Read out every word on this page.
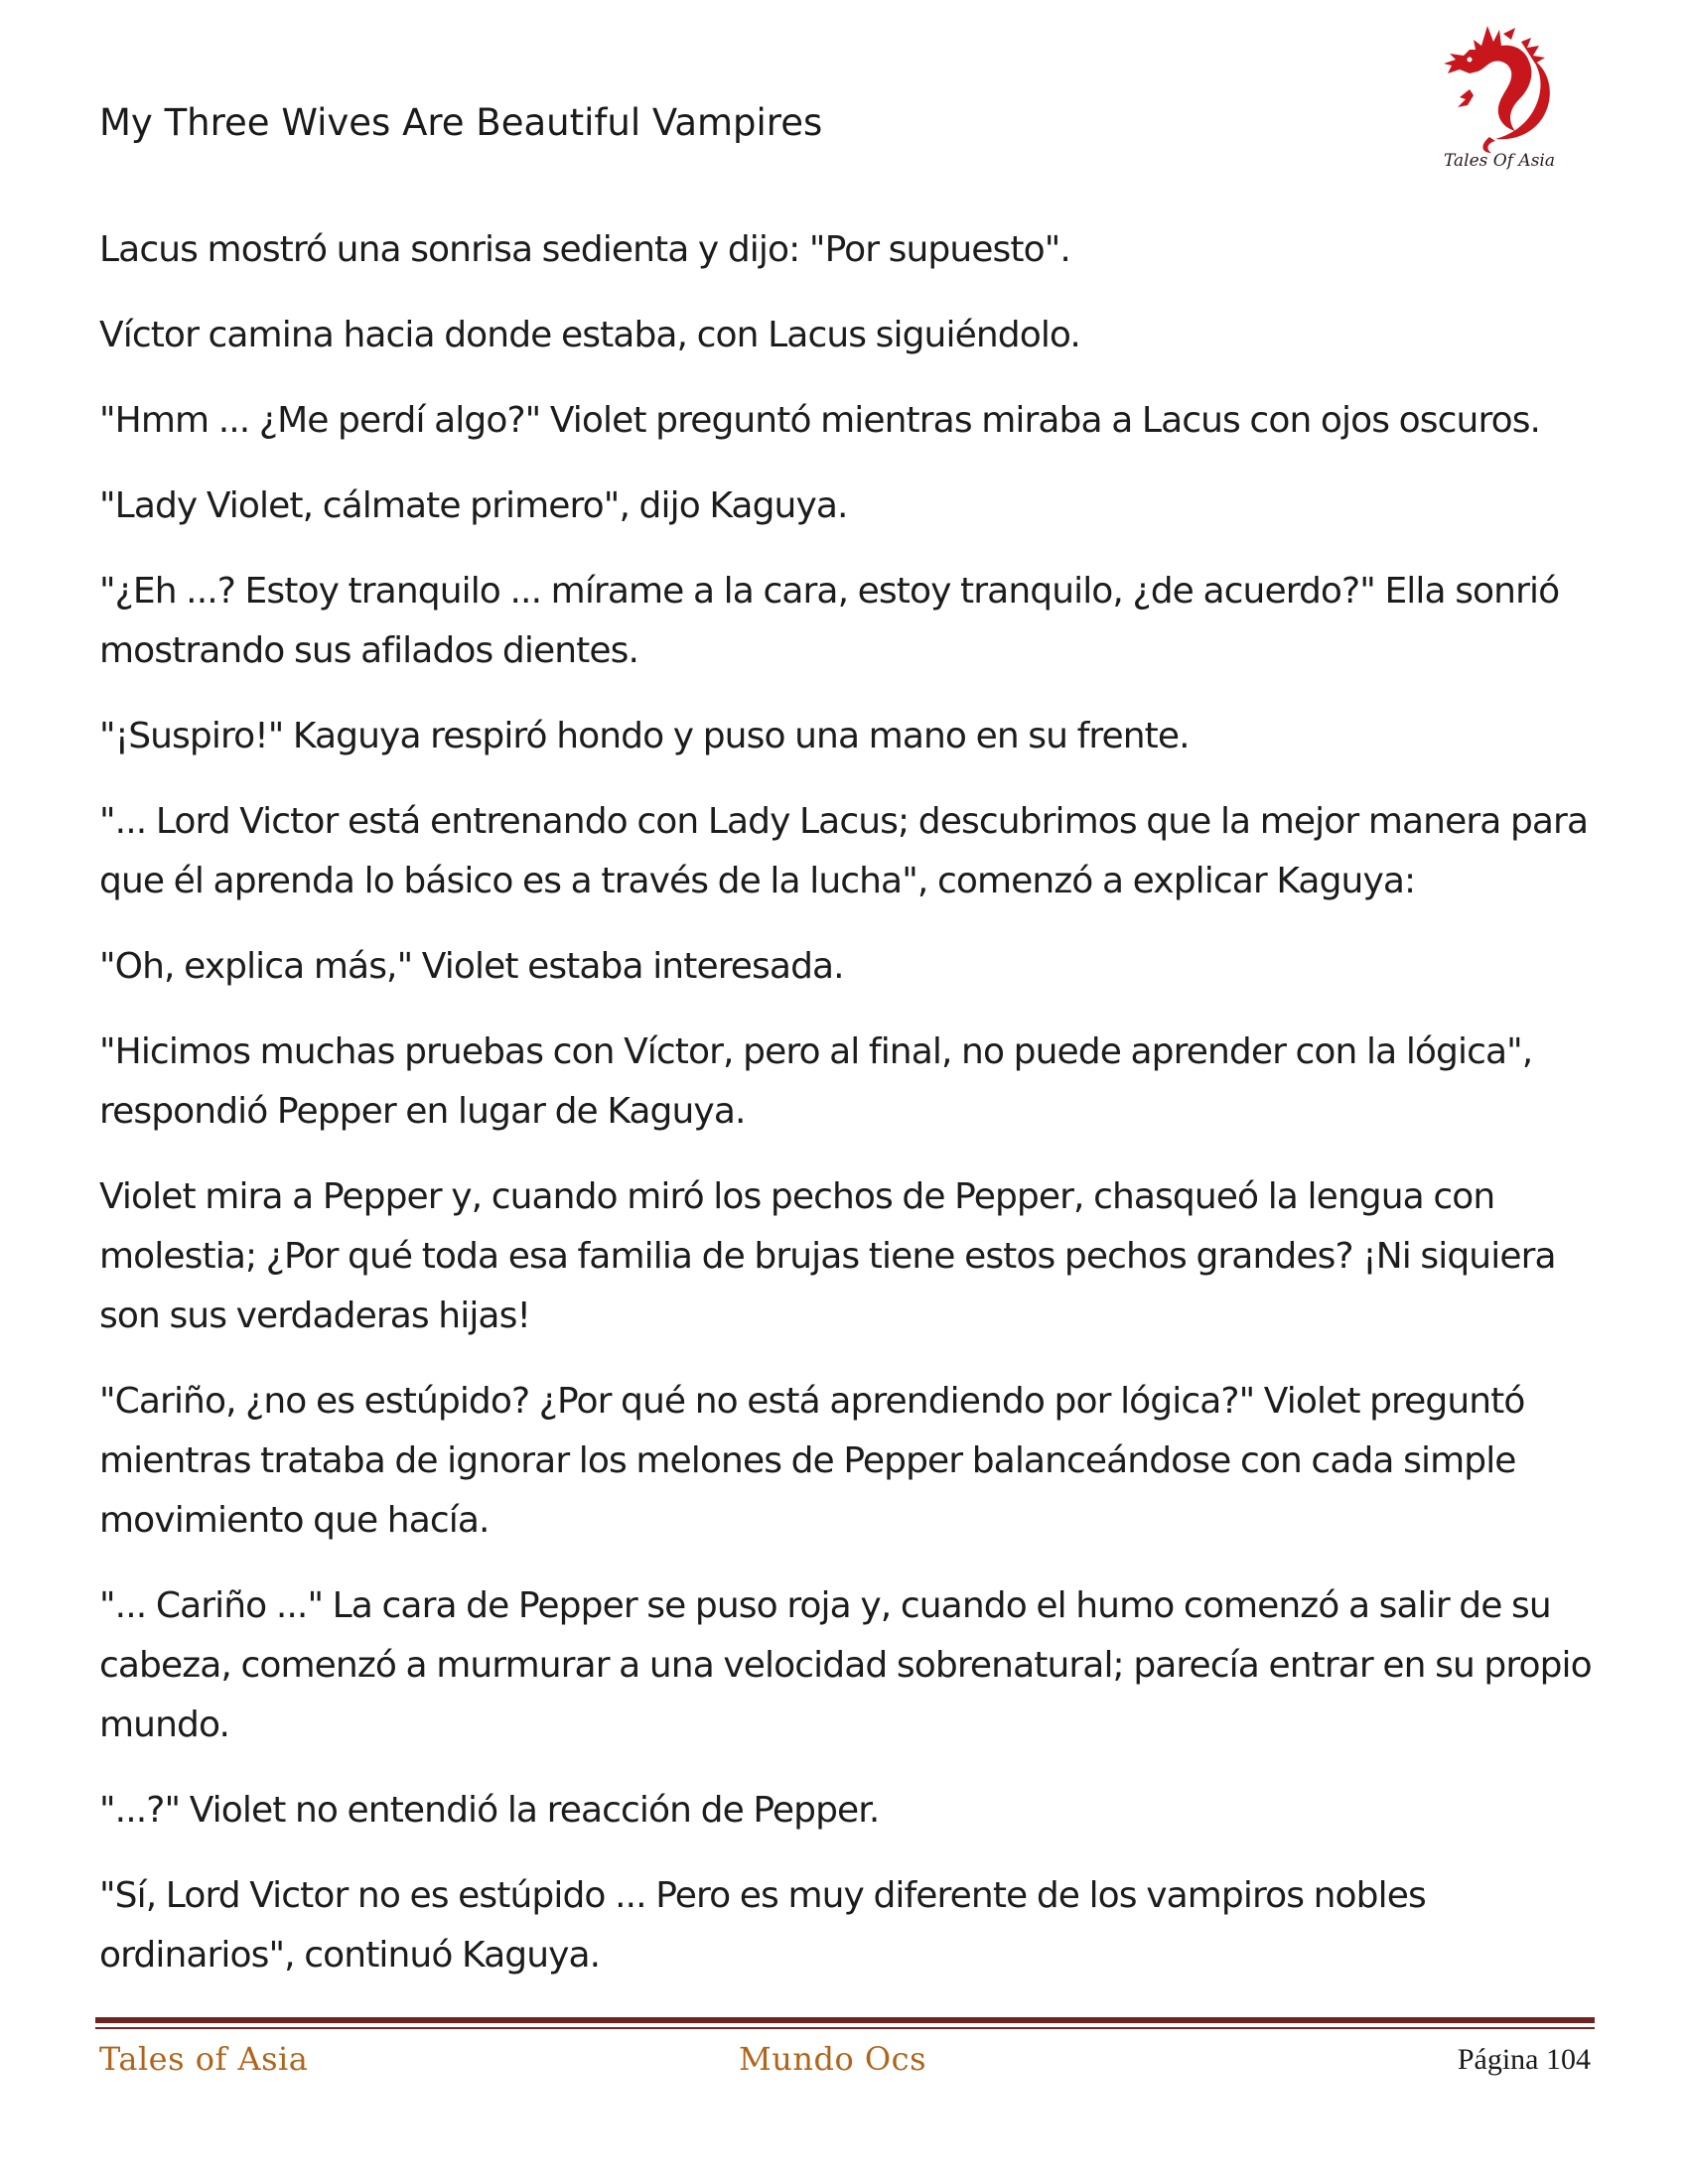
My Three Wives Are Beautiful Vampires
Tales Of Asia

Lacus mostró una sonrisa sedienta y dijo: "Por supuesto".

Víctor camina hacia donde estaba, con Lacus siguiéndolo.

"Hmm ... ¿Me perdí algo?" Violet preguntó mientras miraba a Lacus con ojos oscuros.

"Lady Violet, cálmate primero", dijo Kaguya.

"¿Eh ...? Estoy tranquilo ... mírame a la cara, estoy tranquilo, ¿de acuerdo?" Ella sonrió mostrando sus afilados dientes.

"¡Suspiro!" Kaguya respiró hondo y puso una mano en su frente.

"... Lord Victor está entrenando con Lady Lacus; descubrimos que la mejor manera para que él aprenda lo básico es a través de la lucha", comenzó a explicar Kaguya:

"Oh, explica más," Violet estaba interesada.

"Hicimos muchas pruebas con Víctor, pero al final, no puede aprender con la lógica", respondió Pepper en lugar de Kaguya.

Violet mira a Pepper y, cuando miró los pechos de Pepper, chasqueó la lengua con molestia; ¿Por qué toda esa familia de brujas tiene estos pechos grandes? ¡Ni siquiera son sus verdaderas hijas!

"Cariño, ¿no es estúpido? ¿Por qué no está aprendiendo por lógica?" Violet preguntó mientras trataba de ignorar los melones de Pepper balanceándose con cada simple movimiento que hacía.

"... Cariño ..." La cara de Pepper se puso roja y, cuando el humo comenzó a salir de su cabeza, comenzó a murmurar a una velocidad sobrenatural; parecía entrar en su propio mundo.

"...?" Violet no entendió la reacción de Pepper.

"Sí, Lord Victor no es estúpido ... Pero es muy diferente de los vampiros nobles ordinarios", continuó Kaguya.

Tales of Asia	Mundo Ocs	Página 104
